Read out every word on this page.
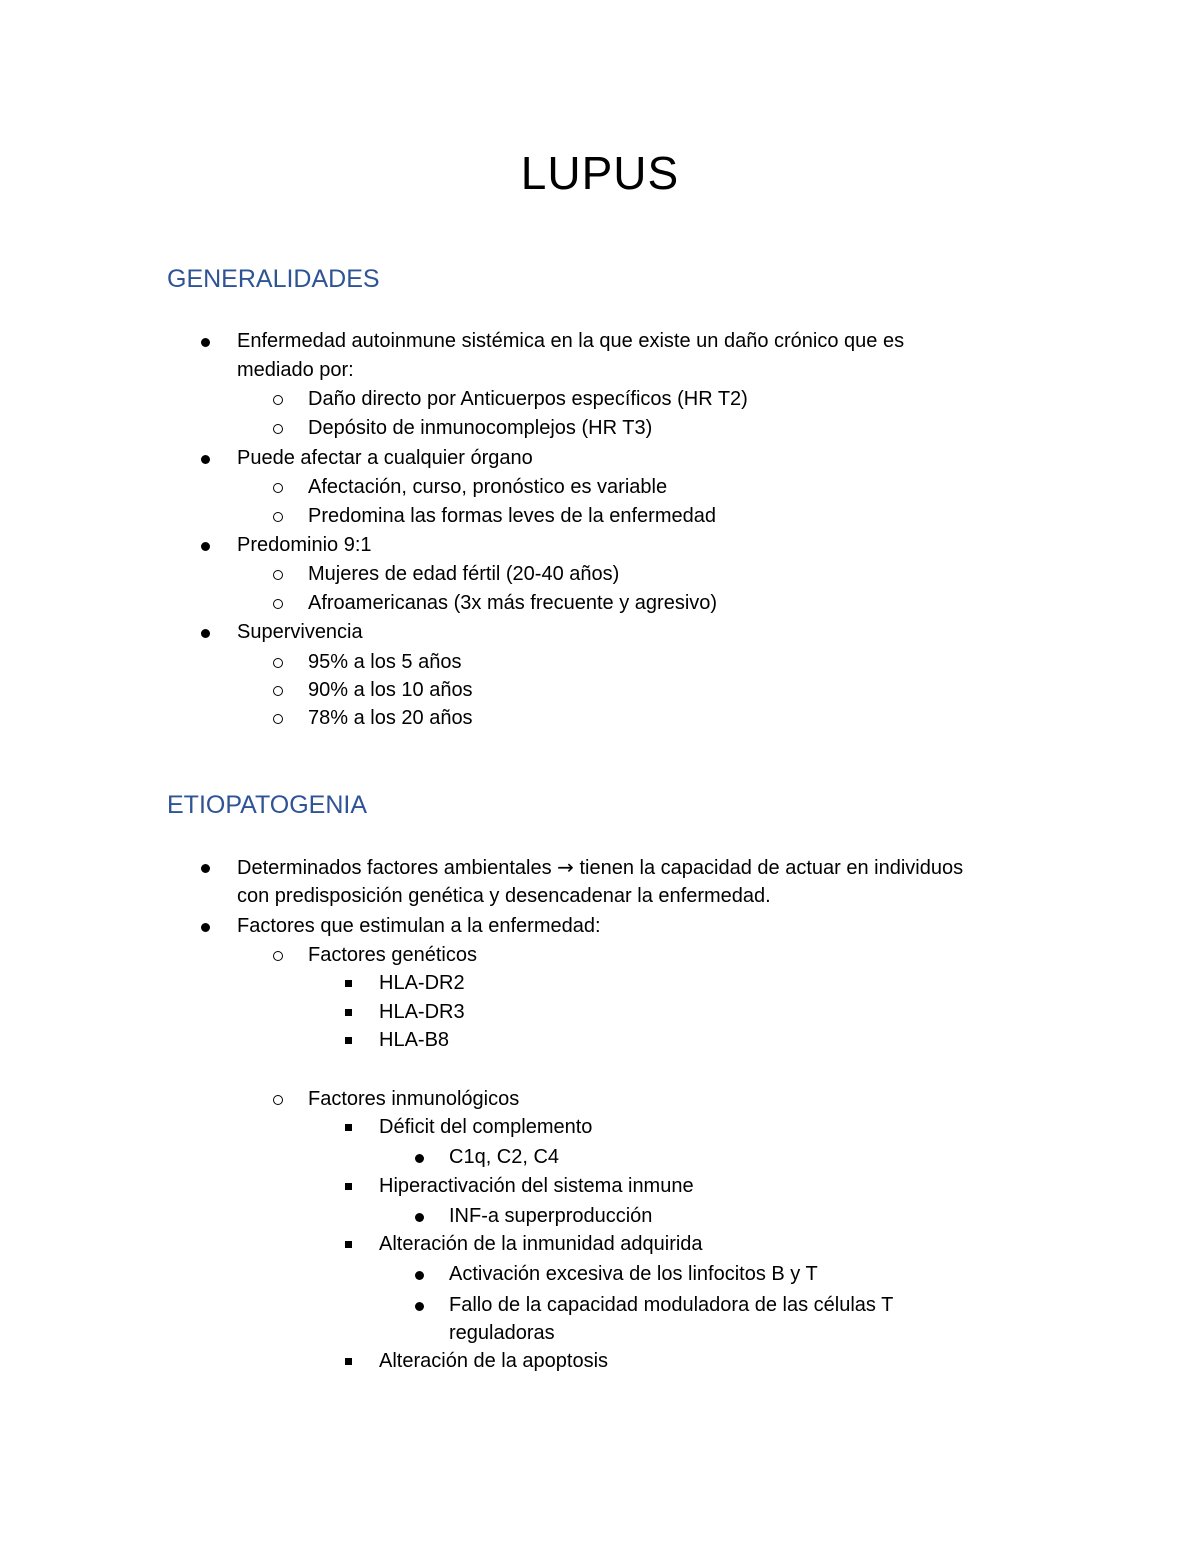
LUPUS
GENERALIDADES
Enfermedad autoinmune sistémica en la que existe un daño crónico que es
mediado por:
Daño directo por Anticuerpos específicos (HR T2)
Depósito de inmunocomplejos (HR T3)
Puede afectar a cualquier órgano
Afectación, curso, pronóstico es variable
Predomina las formas leves de la enfermedad
Predominio 9:1
Mujeres de edad fértil (20-40 años)
Afroamericanas (3x más frecuente y agresivo)
Supervivencia
95% a los 5 años
90% a los 10 años
78% a los 20 años
ETIOPATOGENIA
Determinados factores ambientales → tienen la capacidad de actuar en individuos
con predisposición genética y desencadenar la enfermedad.
Factores que estimulan a la enfermedad:
Factores genéticos
HLA-DR2
HLA-DR3
HLA-B8
Factores inmunológicos
Déficit del complemento
C1q, C2, C4
Hiperactivación del sistema inmune
INF-a superproducción
Alteración de la inmunidad adquirida
Activación excesiva de los linfocitos B y T
Fallo de la capacidad moduladora de las células T
reguladoras
Alteración de la apoptosis
